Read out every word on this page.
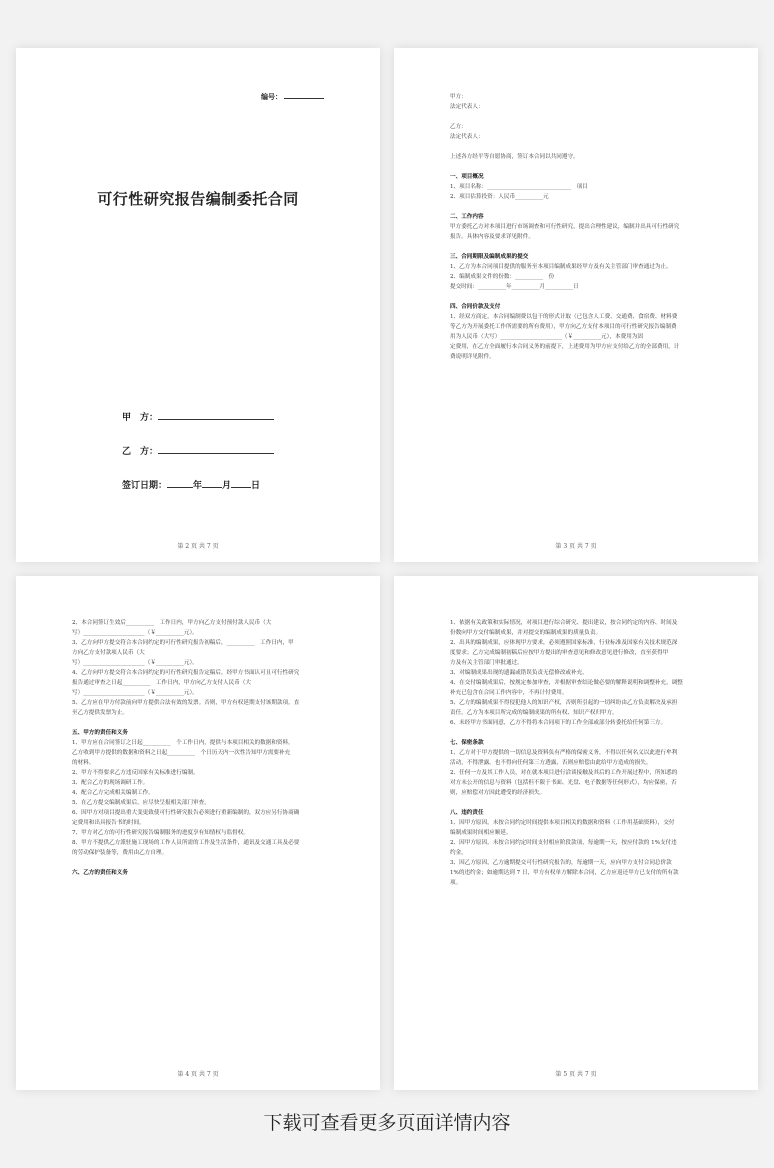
编号：
可行性研究报告编制委托合同
甲　方：
乙　方：
签订日期：	年 月 日
第 2 页 共 7 页

甲方：

法定代表人：

乙方：

法定代表人：

上述各方经平等自愿协商，签订本合同以共同遵守。

一、项目概况

1、项目名称：______________________________　项目

2、项目估算投资：人民币__________元

二、工作内容

甲方委托乙方对本项目进行市场调查和可行性研究，提出合理性建议，编制并出具可行性研究

报告。具体内容及要求详见附件。

三、合同期限及编制成果的提交

1、乙方为本合同项目提供的服务至本项目编制成果经甲方及有关主管部门审查通过为止。

2、编制成果文件的份数：__________　份

提交时间：__________年__________月__________日

四、合同价款及支付

1、经双方商定，本合同编制费以包干的形式计取（已包含人工费、交通费、食宿费、材料费

等乙方为开展委托工作所需要的所有费用），甲方向乙方支付本项目的可行性研究报告编制费

用为人民币（大写）______________________（￥__________元），本费用为固

定费用，在乙方全面履行本合同义务的前提下，上述费用为甲方应支付给乙方的全部费用，计

费说明详见附件。

第 3 页 共 7 页

2、本合同签订生效后__________　工作日内，甲方向乙方支付预付款人民币（大

写）______________________（￥__________元）。

3、乙方向甲方提交符合本合同约定的可行性研究报告初稿后，__________　工作日内，甲

方向乙方支付款项人民币（大

写）______________________（￥__________元）。

4、乙方向甲方提交符合本合同约定的可行性研究报告定稿后，经甲方书面认可且可行性研究

报告通过审查之日起__________　工作日内，甲方向乙方支付人民币（大

写）______________________（￥__________元）。

5、乙方应在甲方付款前向甲方提供合法有效的发票。否则，甲方有权延期支付该期款项，直

至乙方提供发票为止。

五、甲方的责任和义务

1、甲方应在合同签订之日起__________　个工作日内，提供与本项目相关的数据和资料。

乙方收到甲方提供的数据和资料之日起__________　个日历天内一次性告知甲方需要补充

的材料。

2、甲方不得要求乙方违反国家有关标准进行编制。

3、配合乙方的现场调研工作。

4、配合乙方完成相关编制工作。

5、在乙方提交编制成果后，应尽快呈报相关部门审查。

6、因甲方对项目提出重大变更致使可行性研究报告必须进行重新编制的，双方应另行协商确

定费用和出具报告书的时间。

7、甲方对乙方的可行性研究报告编制服务的进度享有知情权与监督权。

8、甲方不提供乙方派驻施工现场的工作人员所需的工作及生活条件，通讯及交通工具及必要

的劳动保护装备等，费用由乙方自理。

六、乙方的责任和义务

第 4 页 共 7 页

1、依据有关政策和实际情况，对项目进行综合研究、提出建议，按合同约定的内容、时间及

份数向甲方交付编制成果，并对提交的编制成果的质量负责。

2、出具的编制成果，应体现甲方要求，必须遵照国家标准，行业标准及国家有关技术规范深

度要求；乙方完成编制初稿后应按甲方提出的审查意见和修改意见进行修改，直至获得甲

方及有关主管部门审批通过。

3、对编制成果出现的遗漏或错误负责无偿修改或补充。

4、在交付编制成果后，按规定参加审查，并根据审查结论做必要的解释说明和调整补充，调整

补充已包含在合同工作内容中，不再计付费用。

5、乙方的编制成果不得侵犯他人的知识产权，否则所引起的一切纠纷由乙方负责解决及承担

责任。乙方为本项目所完成的编制成果的所有权、知识产权归甲方。

6、未经甲方书面同意，乙方不得将本合同项下的工作全部或部分转委托给任何第三方。

七、保密条款

1、乙方对于甲方提供的一切信息及资料负有严格的保密义务，不得以任何名义以此进行牟利

活动，不得泄露，也不得向任何第三方透露，否则应赔偿由此给甲方造成的损失。

2、任何一方及其工作人员，对在就本项目进行洽谈接触及其后的工作开展过程中，所知悉的

对方未公开的信息与资料（包括但不限于书面、光盘、电子数据等任何形式），均应保密，否

则，应赔偿对方因此遭受的经济损失。

八、违约责任

1、因甲方原因，未按合同约定时间提供本项目相关的数据和资料（工作用基础资料），交付

编制成果时间相应顺延。

2、因甲方原因，未按合同约定时间支付相应阶段款项，每逾期一天，按应付款的 1%支付违

约金。

3、因乙方原因，乙方逾期提交可行性研究报告的，每逾期一天，应向甲方支付合同总价款

1%的违约金；如逾期达到 7 日，甲方有权单方解除本合同，乙方应返还甲方已支付的所有款

项。

第 5 页 共 7 页
下载可查看更多页面详情内容
